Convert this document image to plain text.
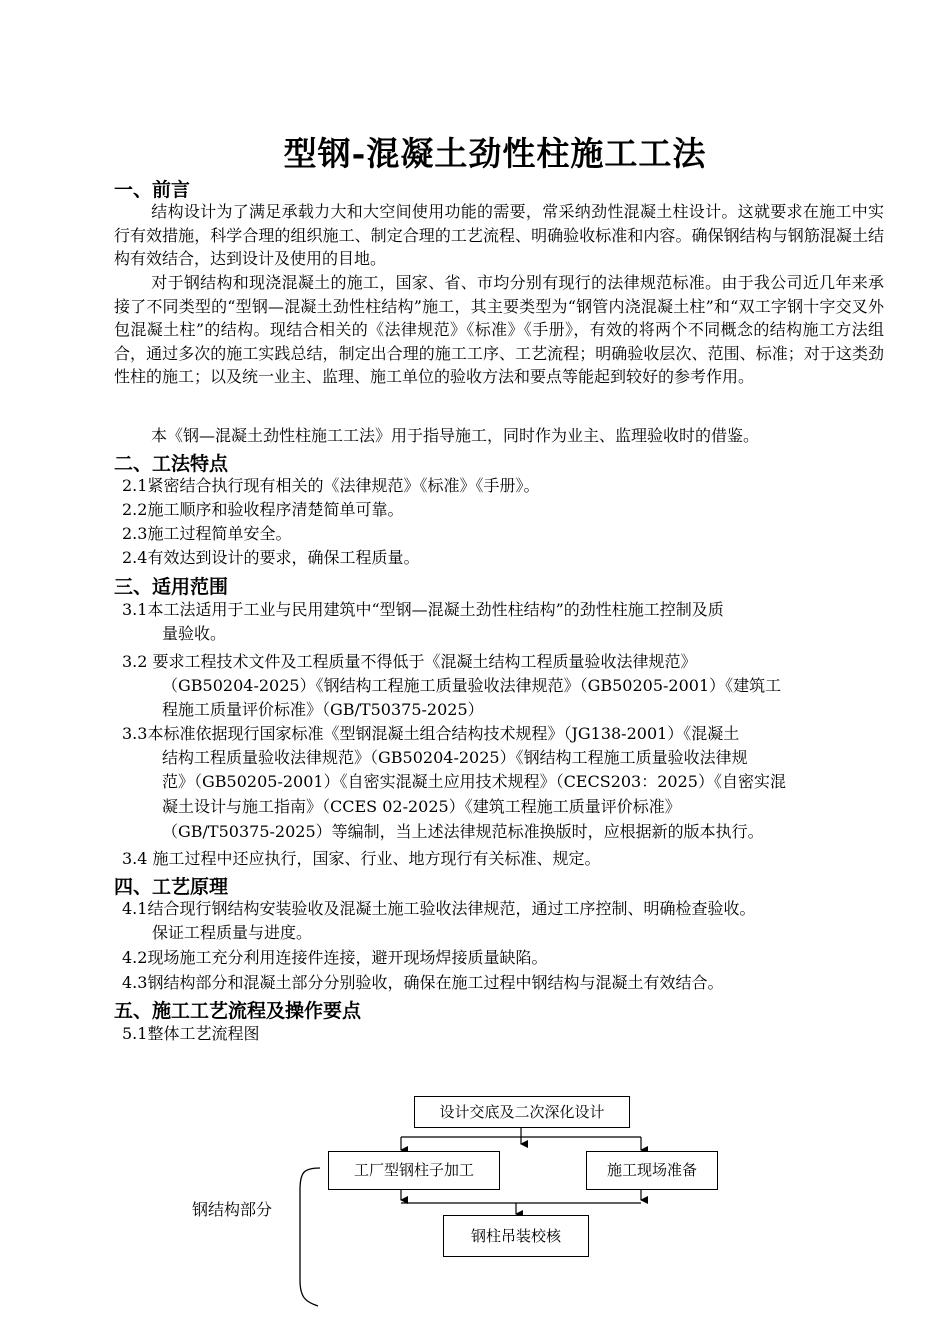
型钢-混凝土劲性柱施工工法
一、前言
结构设计为了满足承载力大和大空间使用功能的需要，常采纳劲性混凝土柱设计。这就要求在施工中实行有效措施，科学合理的组织施工、制定合理的工艺流程、明确验收标准和内容。确保钢结构与钢筋混凝土结构有效结合，达到设计及使用的目地。
对于钢结构和现浇混凝土的施工，国家、省、市均分别有现行的法律规范标准。由于我公司近几年来承接了不同类型的“型钢—混凝土劲性柱结构”施工，其主要类型为“钢管内浇混凝土柱”和“双工字钢十字交叉外包混凝土柱”的结构。现结合相关的《法律规范》《标准》《手册》，有效的将两个不同概念的结构施工方法组合，通过多次的施工实践总结，制定出合理的施工工序、工艺流程；明确验收层次、范围、标准；对于这类劲性柱的施工；以及统一业主、监理、施工单位的验收方法和要点等能起到较好的参考作用。
本《钢—混凝土劲性柱施工工法》用于指导施工，同时作为业主、监理验收时的借鉴。
二、工法特点
2.1紧密结合执行现有相关的《法律规范》《标准》《手册》。
2.2施工顺序和验收程序清楚简单可靠。
2.3施工过程简单安全。
2.4有效达到设计的要求，确保工程质量。
三、适用范围
3.1本工法适用于工业与民用建筑中“型钢—混凝土劲性柱结构”的劲性柱施工控制及质
量验收。
3.2 要求工程技术文件及工程质量不得低于《混凝土结构工程质量验收法律规范》
（GB50204-2025）《钢结构工程施工质量验收法律规范》（GB50205-2001）《建筑工
程施工质量评价标准》（GB/T50375-2025）
3.3本标准依据现行国家标准《型钢混凝土组合结构技术规程》（JG138-2001）《混凝土
结构工程质量验收法律规范》（GB50204-2025）《钢结构工程施工质量验收法律规
范》（GB50205-2001）《自密实混凝土应用技术规程》（CECS203：2025）《自密实混
凝土设计与施工指南》（CCES 02-2025）《建筑工程施工质量评价标准》
（GB/T50375-2025）等编制，当上述法律规范标准换版时，应根据新的版本执行。
3.4 施工过程中还应执行，国家、行业、地方现行有关标准、规定。
四、工艺原理
4.1结合现行钢结构安装验收及混凝土施工验收法律规范，通过工序控制、明确检查验收。
保证工程质量与进度。
4.2现场施工充分利用连接件连接，避开现场焊接质量缺陷。
4.3钢结构部分和混凝土部分分别验收，确保在施工过程中钢结构与混凝土有效结合。
五、施工工艺流程及操作要点
5.1整体工艺流程图
设计交底及二次深化设计
工厂型钢柱子加工	施工现场准备
钢柱吊装校核
钢结构部分
